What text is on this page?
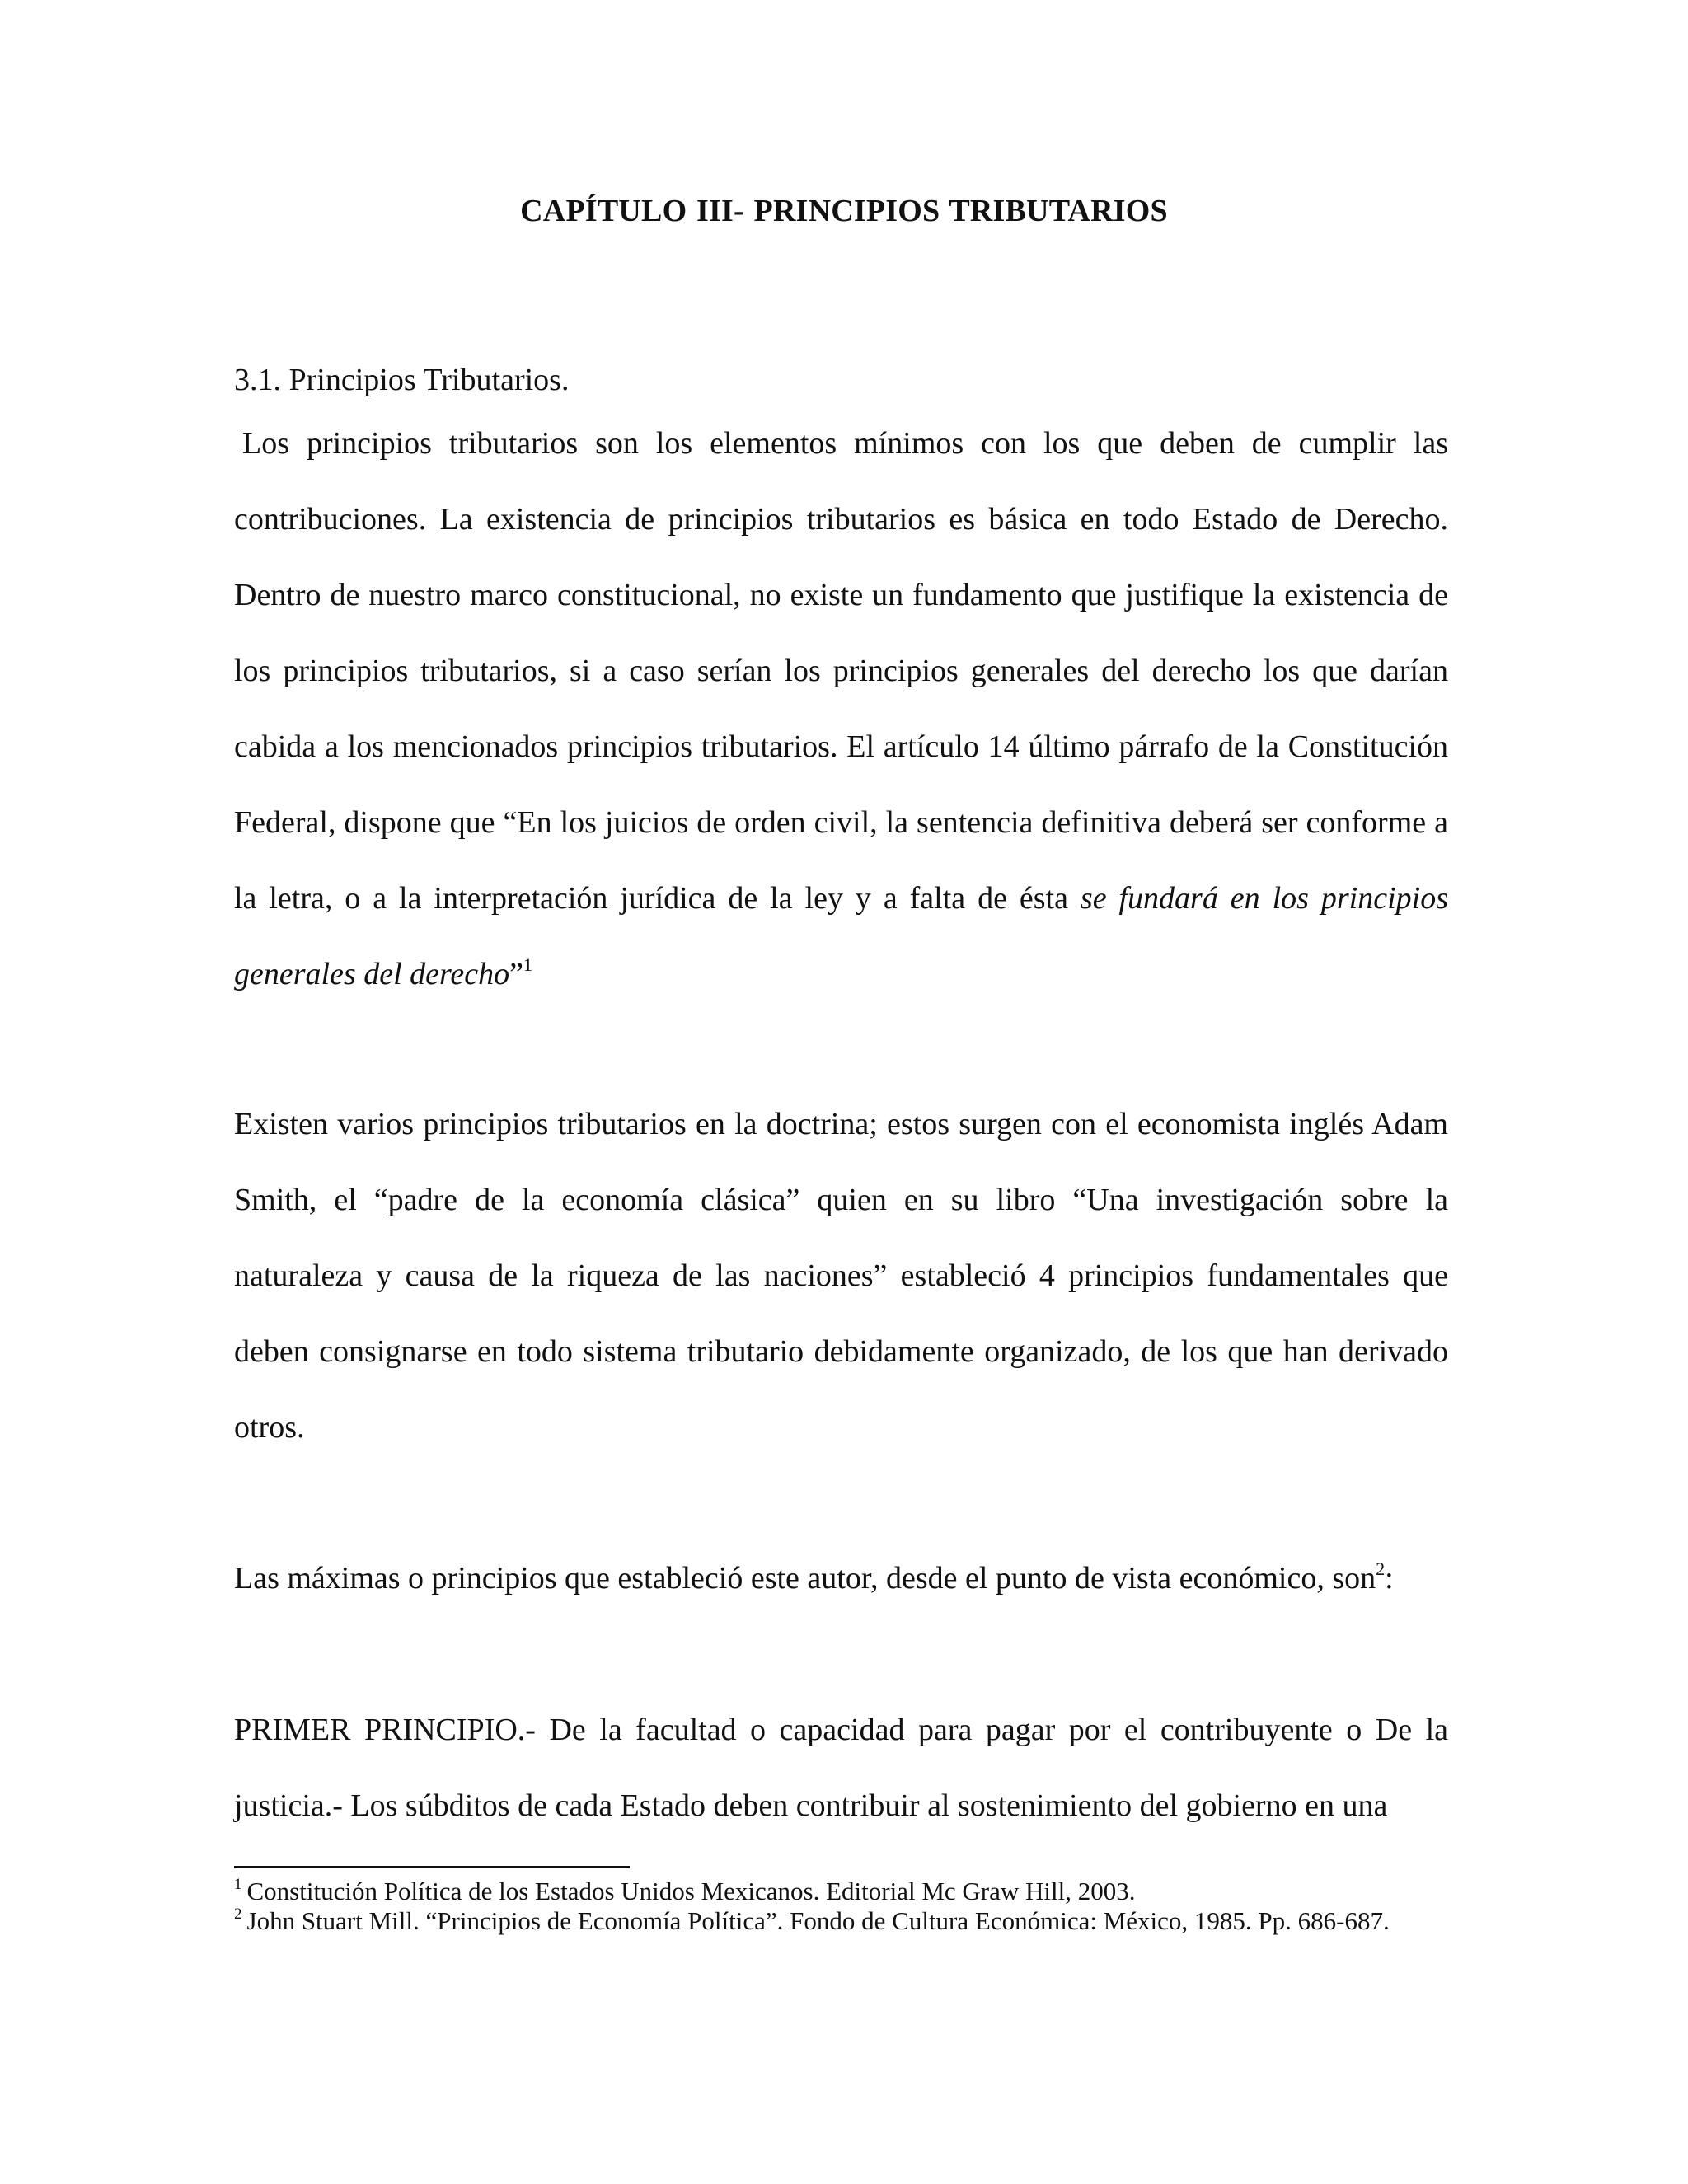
CAPÍTULO III- PRINCIPIOS TRIBUTARIOS
3.1. Principios Tributarios.
Los principios tributarios son los elementos mínimos con los que deben de cumplir las contribuciones. La existencia de principios tributarios es básica en todo Estado de Derecho. Dentro de nuestro marco constitucional, no existe un fundamento que justifique la existencia de los principios tributarios, si a caso serían los principios generales del derecho los que darían cabida a los mencionados principios tributarios. El artículo 14 último párrafo de la Constitución Federal, dispone que “En los juicios de orden civil, la sentencia definitiva deberá ser conforme a la letra, o a la interpretación jurídica de la ley y a falta de ésta se fundará en los principios generales del derecho”$^1$
Existen varios principios tributarios en la doctrina; estos surgen con el economista inglés Adam Smith, el “padre de la economía clásica” quien en su libro “Una investigación sobre la naturaleza y causa de la riqueza de las naciones” estableció 4 principios fundamentales que deben consignarse en todo sistema tributario debidamente organizado, de los que han derivado otros.
Las máximas o principios que estableció este autor, desde el punto de vista económico, son$^2$:
PRIMER PRINCIPIO.- De la facultad o capacidad para pagar por el contribuyente o De la justicia.- Los súbditos de cada Estado deben contribuir al sostenimiento del gobierno en una

$^1$ Constitución Política de los Estados Unidos Mexicanos. Editorial Mc Graw Hill, 2003.

$^2$ John Stuart Mill. “Principios de Economía Política”. Fondo de Cultura Económica: México, 1985. Pp. 686-687.
